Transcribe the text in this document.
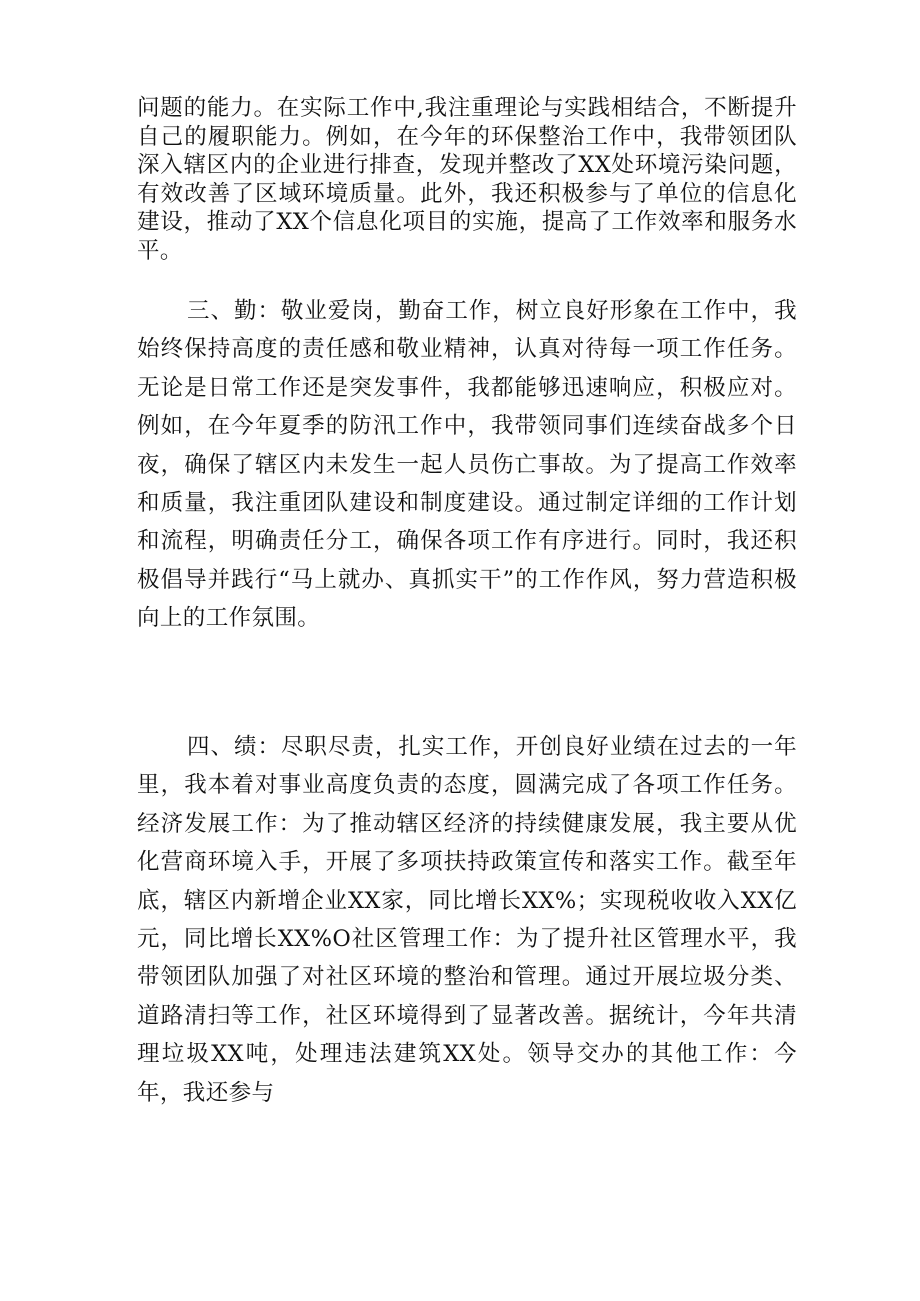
问题的能力。在实际工作中,我注重理论与实践相结合，不断提升自己的履职能力。例如，在今年的环保整治工作中，我带领团队深入辖区内的企业进行排查，发现并整改了XX处环境污染问题，有效改善了区域环境质量。此外，我还积极参与了单位的信息化建设，推动了XX个信息化项目的实施，提高了工作效率和服务水平。

三、勤：敬业爱岗，勤奋工作，树立良好形象在工作中，我始终保持高度的责任感和敬业精神，认真对待每一项工作任务。无论是日常工作还是突发事件，我都能够迅速响应，积极应对。例如，在今年夏季的防汛工作中，我带领同事们连续奋战多个日夜，确保了辖区内未发生一起人员伤亡事故。为了提高工作效率和质量，我注重团队建设和制度建设。通过制定详细的工作计划和流程，明确责任分工，确保各项工作有序进行。同时，我还积极倡导并践行“马上就办、真抓实干”的工作作风，努力营造积极向上的工作氛围。

四、绩：尽职尽责，扎实工作，开创良好业绩在过去的一年里，我本着对事业高度负责的态度，圆满完成了各项工作任务。经济发展工作：为了推动辖区经济的持续健康发展，我主要从优化营商环境入手，开展了多项扶持政策宣传和落实工作。截至年底，辖区内新增企业XX家，同比增长XX%；实现税收收入XX亿元，同比增长XX%O社区管理工作：为了提升社区管理水平，我带领团队加强了对社区环境的整治和管理。通过开展垃圾分类、道路清扫等工作，社区环境得到了显著改善。据统计，今年共清理垃圾XX吨，处理违法建筑XX处。领导交办的其他工作：今年，我还参与
